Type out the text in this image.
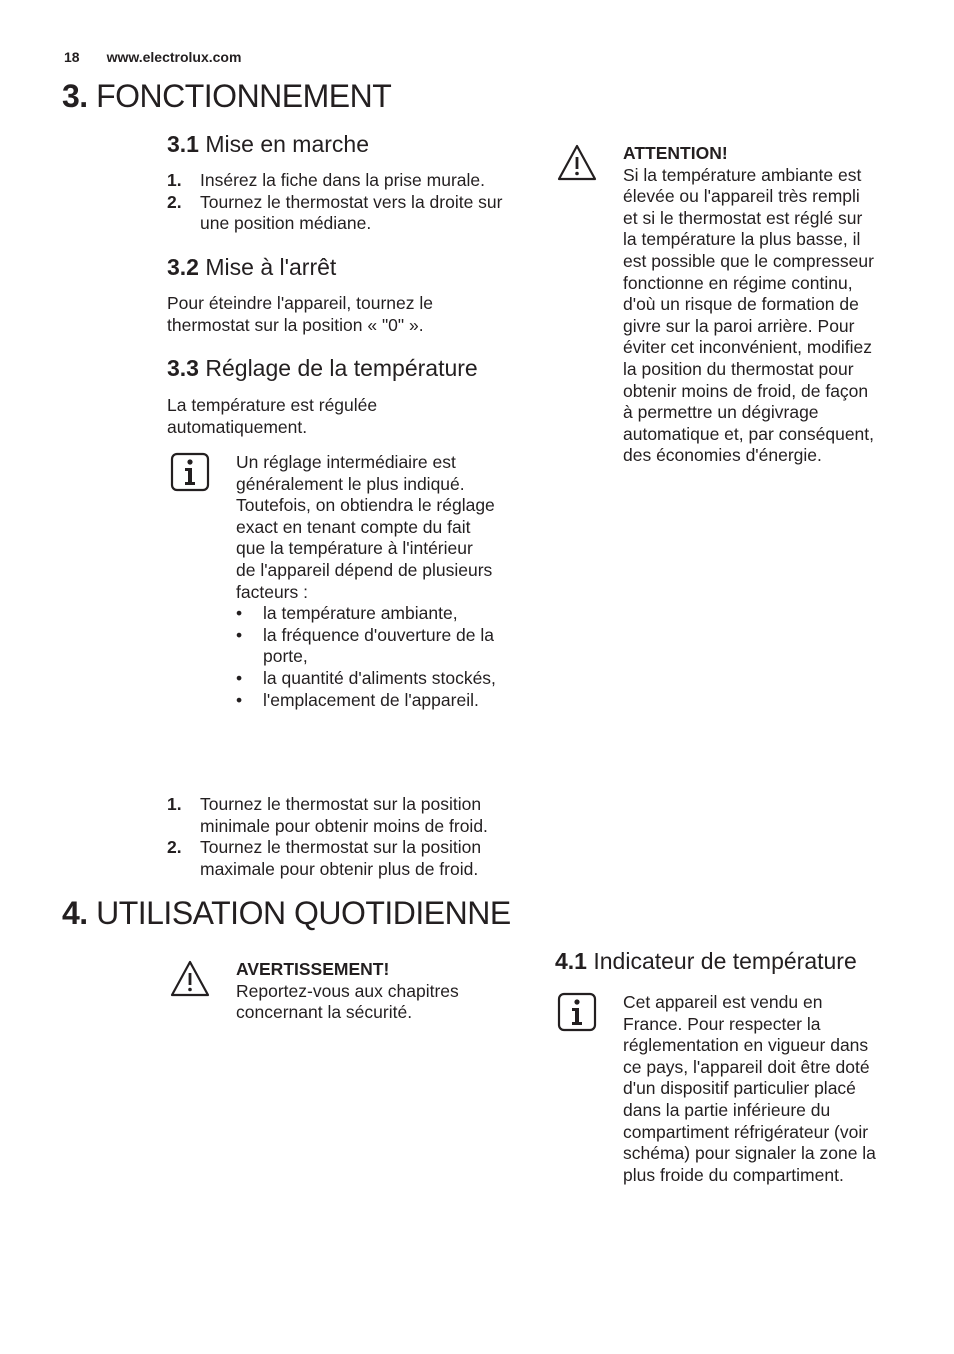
18 www.electrolux.com
3. FONCTIONNEMENT
3.1 Mise en marche
1. Insérez la fiche dans la prise murale.
2. Tournez le thermostat vers la droite sur une position médiane.
3.2 Mise à l'arrêt
Pour éteindre l'appareil, tournez le thermostat sur la position « "0" ».
3.3 Réglage de la température
La température est régulée automatiquement.
Un réglage intermédiaire est généralement le plus indiqué. Toutefois, on obtiendra le réglage exact en tenant compte du fait que la température à l'intérieur de l'appareil dépend de plusieurs facteurs :
• la température ambiante,
• la fréquence d'ouverture de la porte,
• la quantité d'aliments stockés,
• l'emplacement de l'appareil.
1. Tournez le thermostat sur la position minimale pour obtenir moins de froid.
2. Tournez le thermostat sur la position maximale pour obtenir plus de froid.
ATTENTION!
Si la température ambiante est élevée ou l'appareil très rempli et si le thermostat est réglé sur la température la plus basse, il est possible que le compresseur fonctionne en régime continu, d'où un risque de formation de givre sur la paroi arrière. Pour éviter cet inconvénient, modifiez la position du thermostat pour obtenir moins de froid, de façon à permettre un dégivrage automatique et, par conséquent, des économies d'énergie.
4. UTILISATION QUOTIDIENNE
AVERTISSEMENT!
Reportez-vous aux chapitres concernant la sécurité.
4.1 Indicateur de température
Cet appareil est vendu en France. Pour respecter la réglementation en vigueur dans ce pays, l'appareil doit être doté d'un dispositif particulier placé dans la partie inférieure du compartiment réfrigérateur (voir schéma) pour signaler la zone la plus froide du compartiment.
